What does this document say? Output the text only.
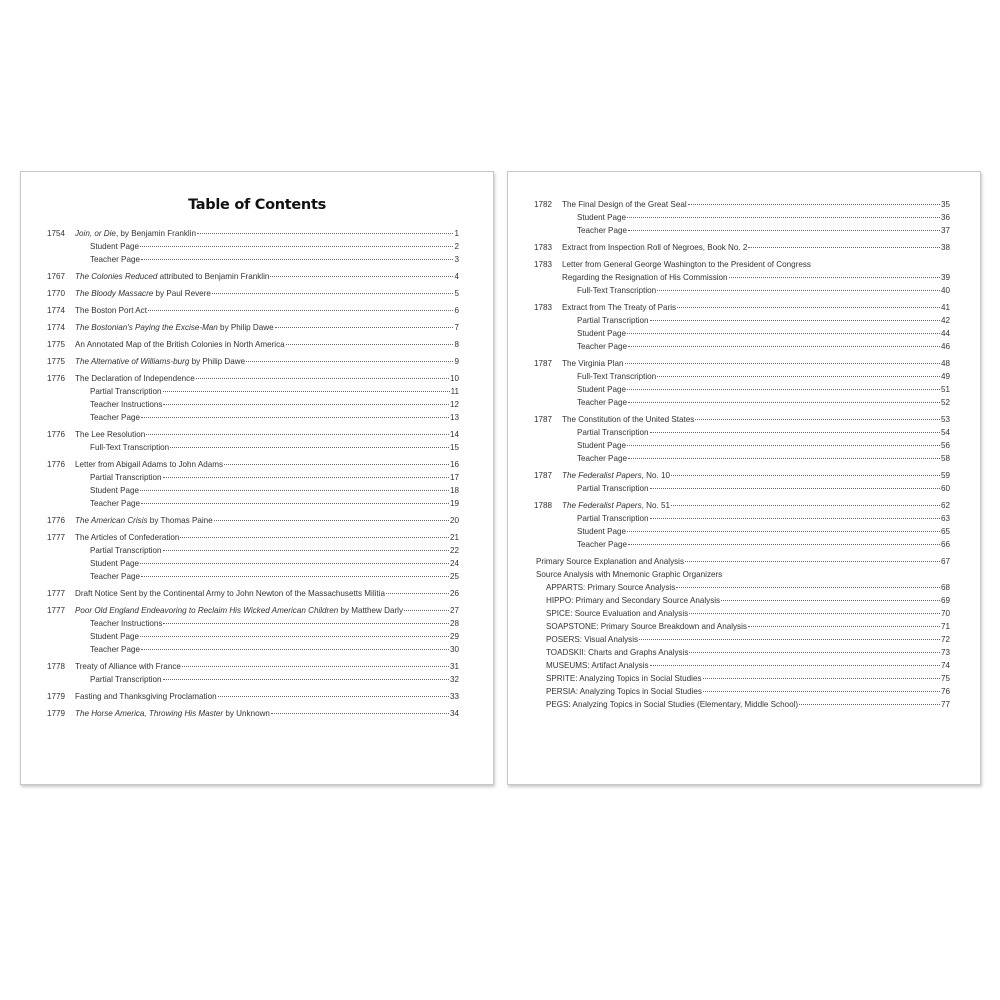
Table of Contents
1754	Join, or Die, by Benjamin Franklin	1
Student Page	2
Teacher Page	3
1767	The Colonies Reduced attributed to Benjamin Franklin	4
1770	The Bloody Massacre by Paul Revere	5
1774	The Boston Port Act	6
1774	The Bostonian's Paying the Excise-Man by Philip Dawe	7
1775	An Annotated Map of the British Colonies in North America	8
1775	The Alternative of Williams-burg by Philip Dawe	9
1776	The Declaration of Independence	10
Partial Transcription	11
Teacher Instructions	12
Teacher Page	13
1776	The Lee Resolution	14
Full-Text Transcription	15
1776	Letter from Abigail Adams to John Adams	16
Partial Transcription	17
Student Page	18
Teacher Page	19
1776	The American Crisis by Thomas Paine	20
1777	The Articles of Confederation	21
Partial Transcription	22
Student Page	24
Teacher Page	25
1777	Draft Notice Sent by the Continental Army to John Newton of the Massachusetts Militia	26
1777	Poor Old England Endeavoring to Reclaim His Wicked American Children by Matthew Darly	27
Teacher Instructions	28
Student Page	29
Teacher Page	30
1778	Treaty of Alliance with France	31
Partial Transcription	32
1779	Fasting and Thanksgiving Proclamation	33
1779	The Horse America, Throwing His Master by Unknown	34
1782	The Final Design of the Great Seal	35
Student Page	36
Teacher Page	37
1783	Extract from Inspection Roll of Negroes, Book No. 2	38
1783	Letter from General George Washington to the President of Congress
Regarding the Resignation of His Commission	39
Full-Text Transcription	40
1783	Extract from The Treaty of Paris	41
Partial Transcription	42
Student Page	44
Teacher Page	46
1787	The Virginia Plan	48
Full-Text Transcription	49
Student Page	51
Teacher Page	52
1787	The Constitution of the United States	53
Partial Transcription	54
Student Page	56
Teacher Page	58
1787	The Federalist Papers, No. 10	59
Partial Transcription	60
1788	The Federalist Papers, No. 51	62
Partial Transcription	63
Student Page	65
Teacher Page	66
Primary Source Explanation and Analysis	67
Source Analysis with Mnemonic Graphic Organizers
APPARTS: Primary Source Analysis	68
HIPPO: Primary and Secondary Source Analysis	69
SPICE: Source Evaluation and Analysis	70
SOAPSTONE: Primary Source Breakdown and Analysis	71
POSERS: Visual Analysis	72
TOADSKII: Charts and Graphs Analysis	73
MUSEUMS: Artifact Analysis	74
SPRITE: Analyzing Topics in Social Studies	75
PERSIA: Analyzing Topics in Social Studies	76
PEGS: Analyzing Topics in Social Studies (Elementary, Middle School)	77
